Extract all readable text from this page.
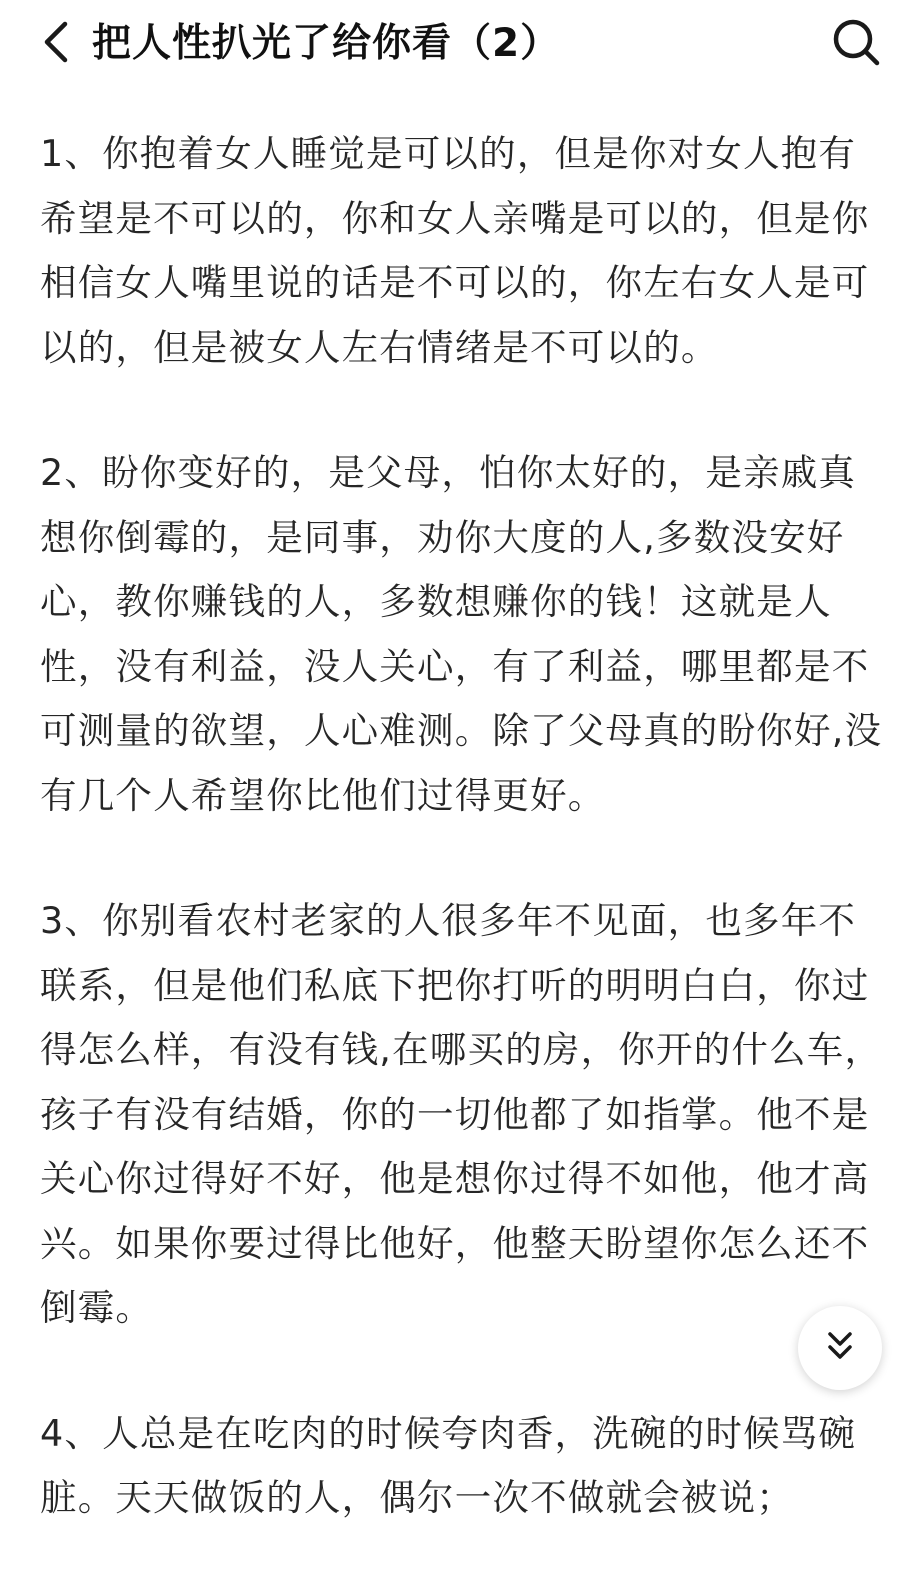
把人性扒光了给你看（2）

1、你抱着女人睡觉是可以的，但是你对女人抱有希望是不可以的，你和女人亲嘴是可以的，但是你相信女人嘴里说的话是不可以的，你左右女人是可以的，但是被女人左右情绪是不可以的。

2、盼你变好的，是父母，怕你太好的，是亲戚真想你倒霉的，是同事，劝你大度的人,多数没安好心，教你赚钱的人，多数想赚你的钱！这就是人性，没有利益，没人关心，有了利益，哪里都是不可测量的欲望，人心难测。除了父母真的盼你好,没有几个人希望你比他们过得更好。

3、你别看农村老家的人很多年不见面，也多年不联系，但是他们私底下把你打听的明明白白，你过得怎么样，有没有钱,在哪买的房，你开的什么车，孩子有没有结婚，你的一切他都了如指掌。他不是关心你过得好不好，他是想你过得不如他，他才高兴。如果你要过得比他好，他整天盼望你怎么还不倒霉。

4、人总是在吃肉的时候夸肉香，洗碗的时候骂碗脏。天天做饭的人，偶尔一次不做就会被说；
